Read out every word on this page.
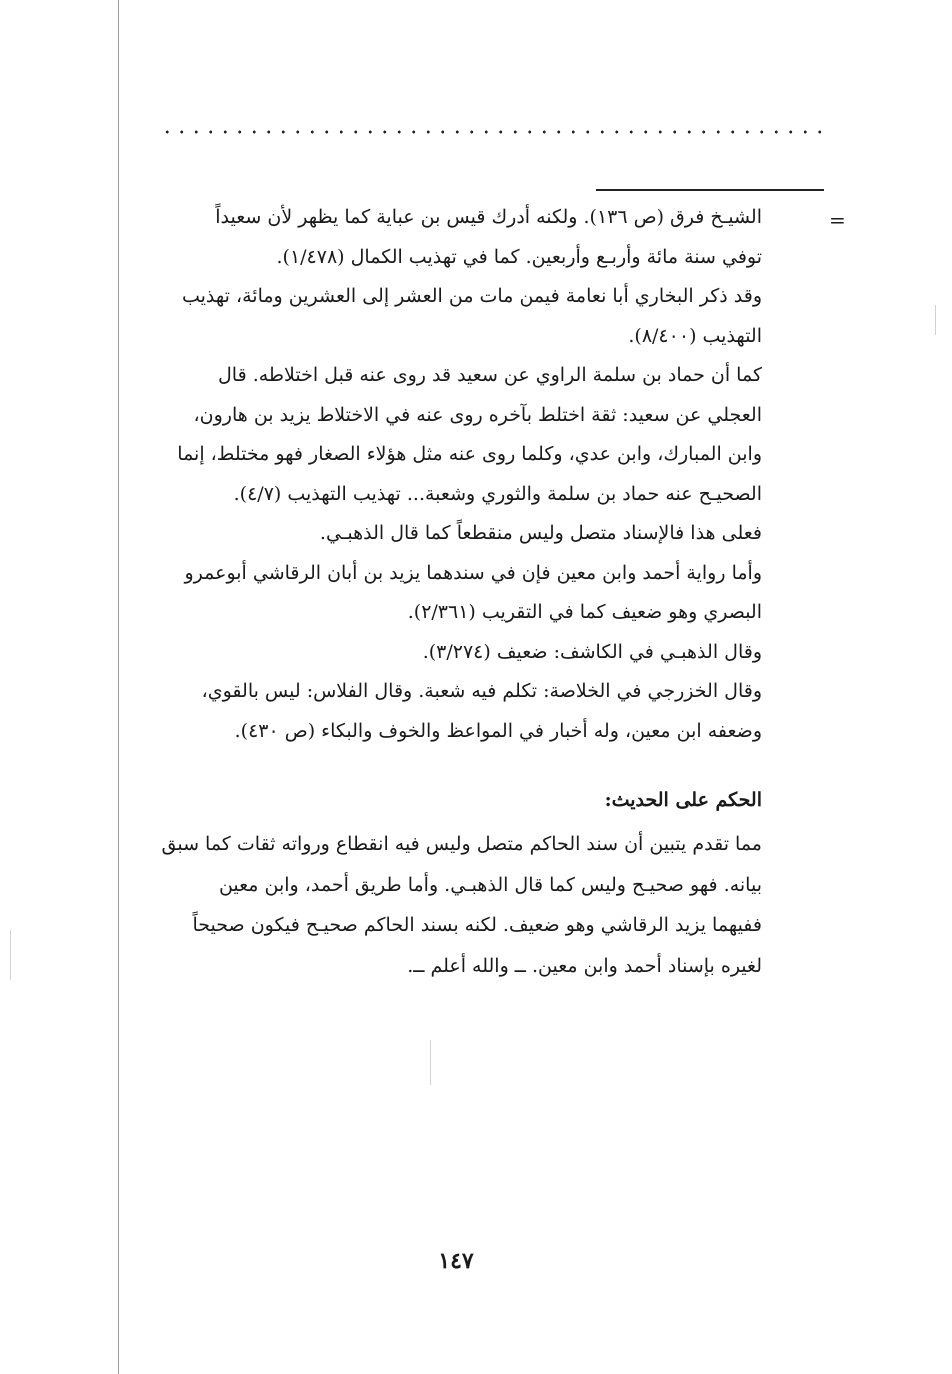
=
الشيـخ فرق (ص ١٣٦). ولكنه أدرك قيس بن عباية كما يظهر لأن سعيداً
توفي سنة مائة وأربـع وأربعين. كما في تهذيب الكمال (١/٤٧٨).
وقد ذكر البخاري أبا نعامة فيمن مات من العشر إلى العشرين ومائة، تهذيب
التهذيب (٨/٤٠٠).
كما أن حماد بن سلمة الراوي عن سعيد قد روى عنه قبل اختلاطه. قال
العجلي عن سعيد: ثقة اختلط بآخره روى عنه في الاختلاط يزيد بن هارون،
وابن المبارك، وابن عدي، وكلما روى عنه مثل هؤلاء الصغار فهو مختلط، إنما
الصحيـح عنه حماد بن سلمة والثوري وشعبة... تهذيب التهذيب (٤/٧).
فعلى هذا فالإسناد متصل وليس منقطعاً كما قال الذهبـي.
وأما رواية أحمد وابن معين فإن في سندهما يزيد بن أبان الرقاشي أبوعمرو
البصري وهو ضعيف كما في التقريب (٢/٣٦١).
وقال الذهبـي في الكاشف: ضعيف (٣/٢٧٤).
وقال الخزرجي في الخلاصة: تكلم فيه شعبة. وقال الفلاس: ليس بالقوي،
وضعفه ابن معين، وله أخبار في المواعظ والخوف والبكاء (ص ٤٣٠).
الحكم على الحديث:
مما تقدم يتبين أن سند الحاكم متصل وليس فيه انقطاع ورواته ثقات كما سبق
بيانه. فهو صحيـح وليس كما قال الذهبـي. وأما طريق أحمد، وابن معين
ففيهما يزيد الرقاشي وهو ضعيف. لكنه بسند الحاكم صحيـح فيكون صحيحاً
لغيره بإسناد أحمد وابن معين. ــ والله أعلم ــ.
١٤٧
